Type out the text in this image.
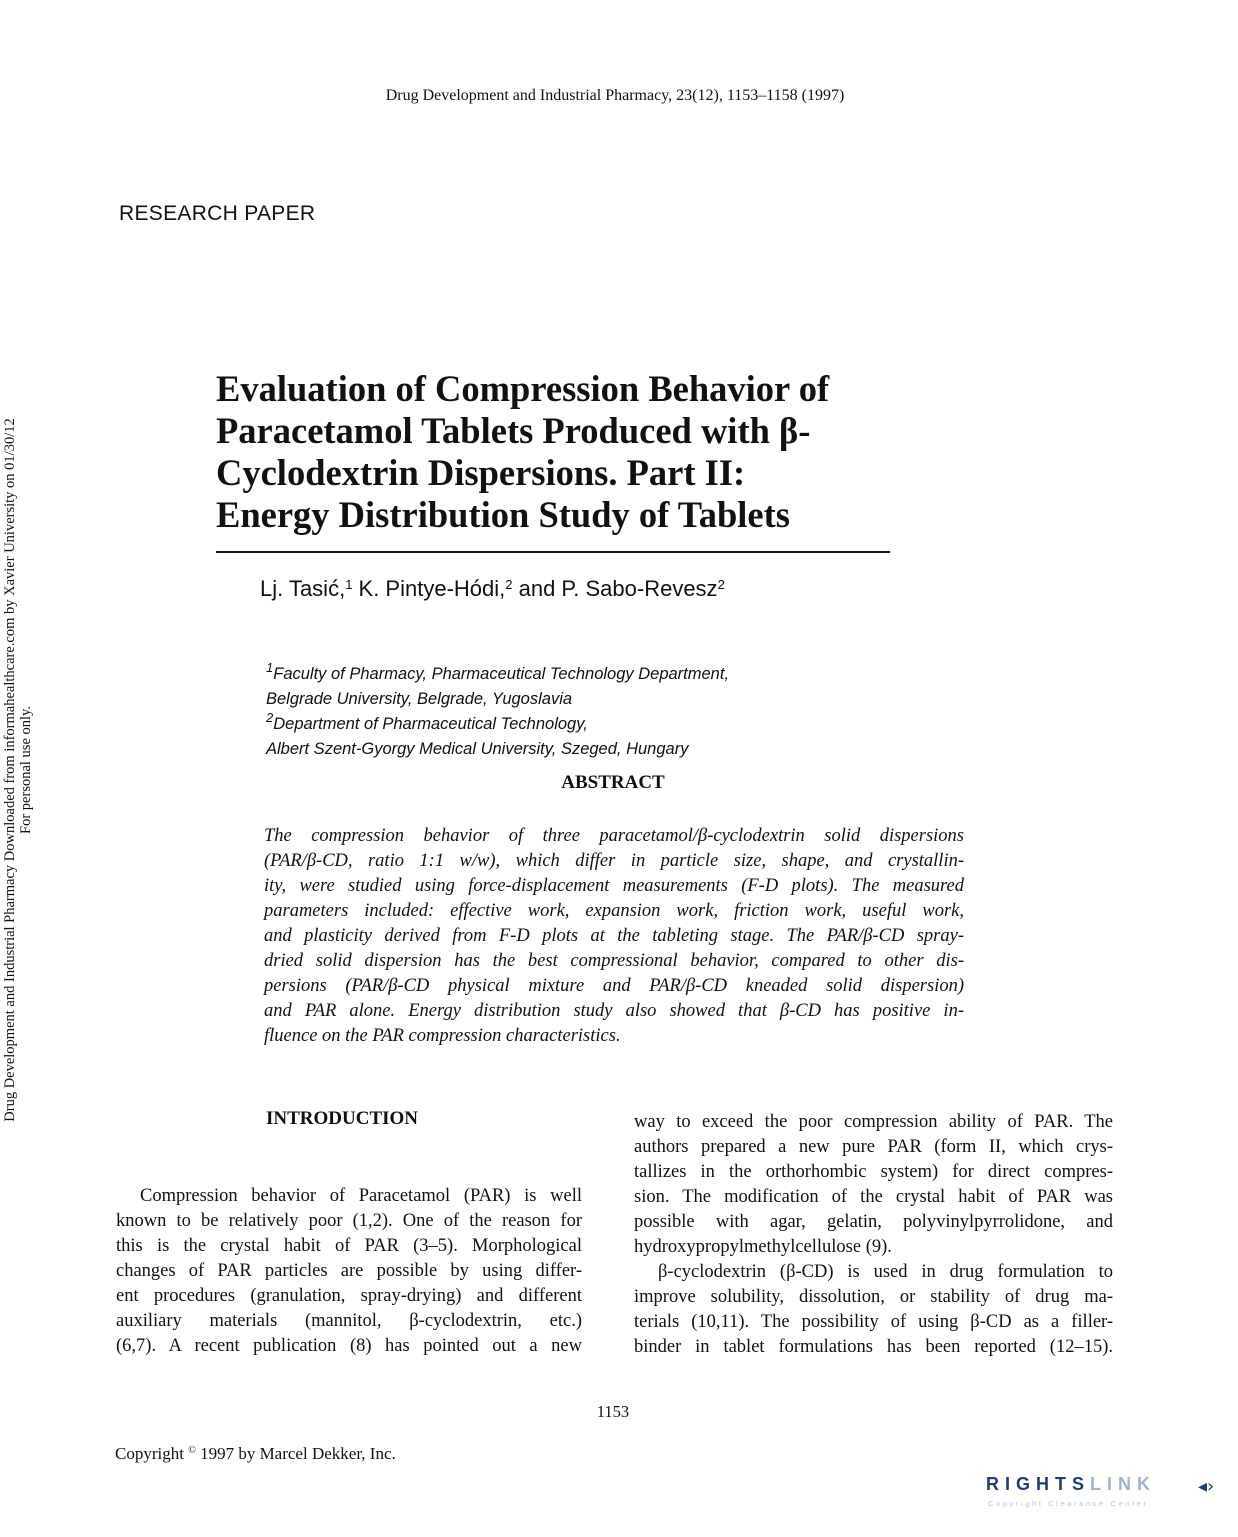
Drug Development and Industrial Pharmacy, 23(12), 1153–1158 (1997)
RESEARCH PAPER
Drug Development and Industrial Pharmacy Downloaded from informahealthcare.com by Xavier University on 01/30/12 For personal use only.
Evaluation of Compression Behavior of
Paracetamol Tablets Produced with β-
Cyclodextrin Dispersions. Part II:
Energy Distribution Study of Tablets
Lj. Tasić,$^1$ K. Pintye-Hódi,$^2$ and P. Sabo-Revesz$^2$
$^1$Faculty of Pharmacy, Pharmaceutical Technology Department,
Belgrade University, Belgrade, Yugoslavia
$^2$Department of Pharmaceutical Technology,
Albert Szent-Gyorgy Medical University, Szeged, Hungary
ABSTRACT
The compression behavior of three paracetamol/β-cyclodextrin solid dispersions
(PAR/β-CD, ratio 1:1 w/w), which differ in particle size, shape, and crystallin-
ity, were studied using force-displacement measurements (F-D plots). The measured
parameters included: effective work, expansion work, friction work, useful work,
and plasticity derived from F-D plots at the tableting stage. The PAR/β-CD spray-
dried solid dispersion has the best compressional behavior, compared to other dis-
persions (PAR/β-CD physical mixture and PAR/β-CD kneaded solid dispersion)
and PAR alone. Energy distribution study also showed that β-CD has positive in-
fluence on the PAR compression characteristics.
INTRODUCTION
Compression behavior of Paracetamol (PAR) is well
known to be relatively poor (1,2). One of the reason for
this is the crystal habit of PAR (3–5). Morphological
changes of PAR particles are possible by using differ-
ent procedures (granulation, spray-drying) and different
auxiliary materials (mannitol, β-cyclodextrin, etc.)
(6,7). A recent publication (8) has pointed out a new
way to exceed the poor compression ability of PAR. The
authors prepared a new pure PAR (form II, which crys-
tallizes in the orthorhombic system) for direct compres-
sion. The modification of the crystal habit of PAR was
possible with agar, gelatin, polyvinylpyrrolidone, and
hydroxypropylmethylcellulose (9).
β-cyclodextrin (β-CD) is used in drug formulation to
improve solubility, dissolution, or stability of drug ma-
terials (10,11). The possibility of using β-CD as a filler-
binder in tablet formulations has been reported (12–15).
1153
Copyright © 1997 by Marcel Dekker, Inc.
RIGHTSLINK ◂›
Copyright Clearance Center
